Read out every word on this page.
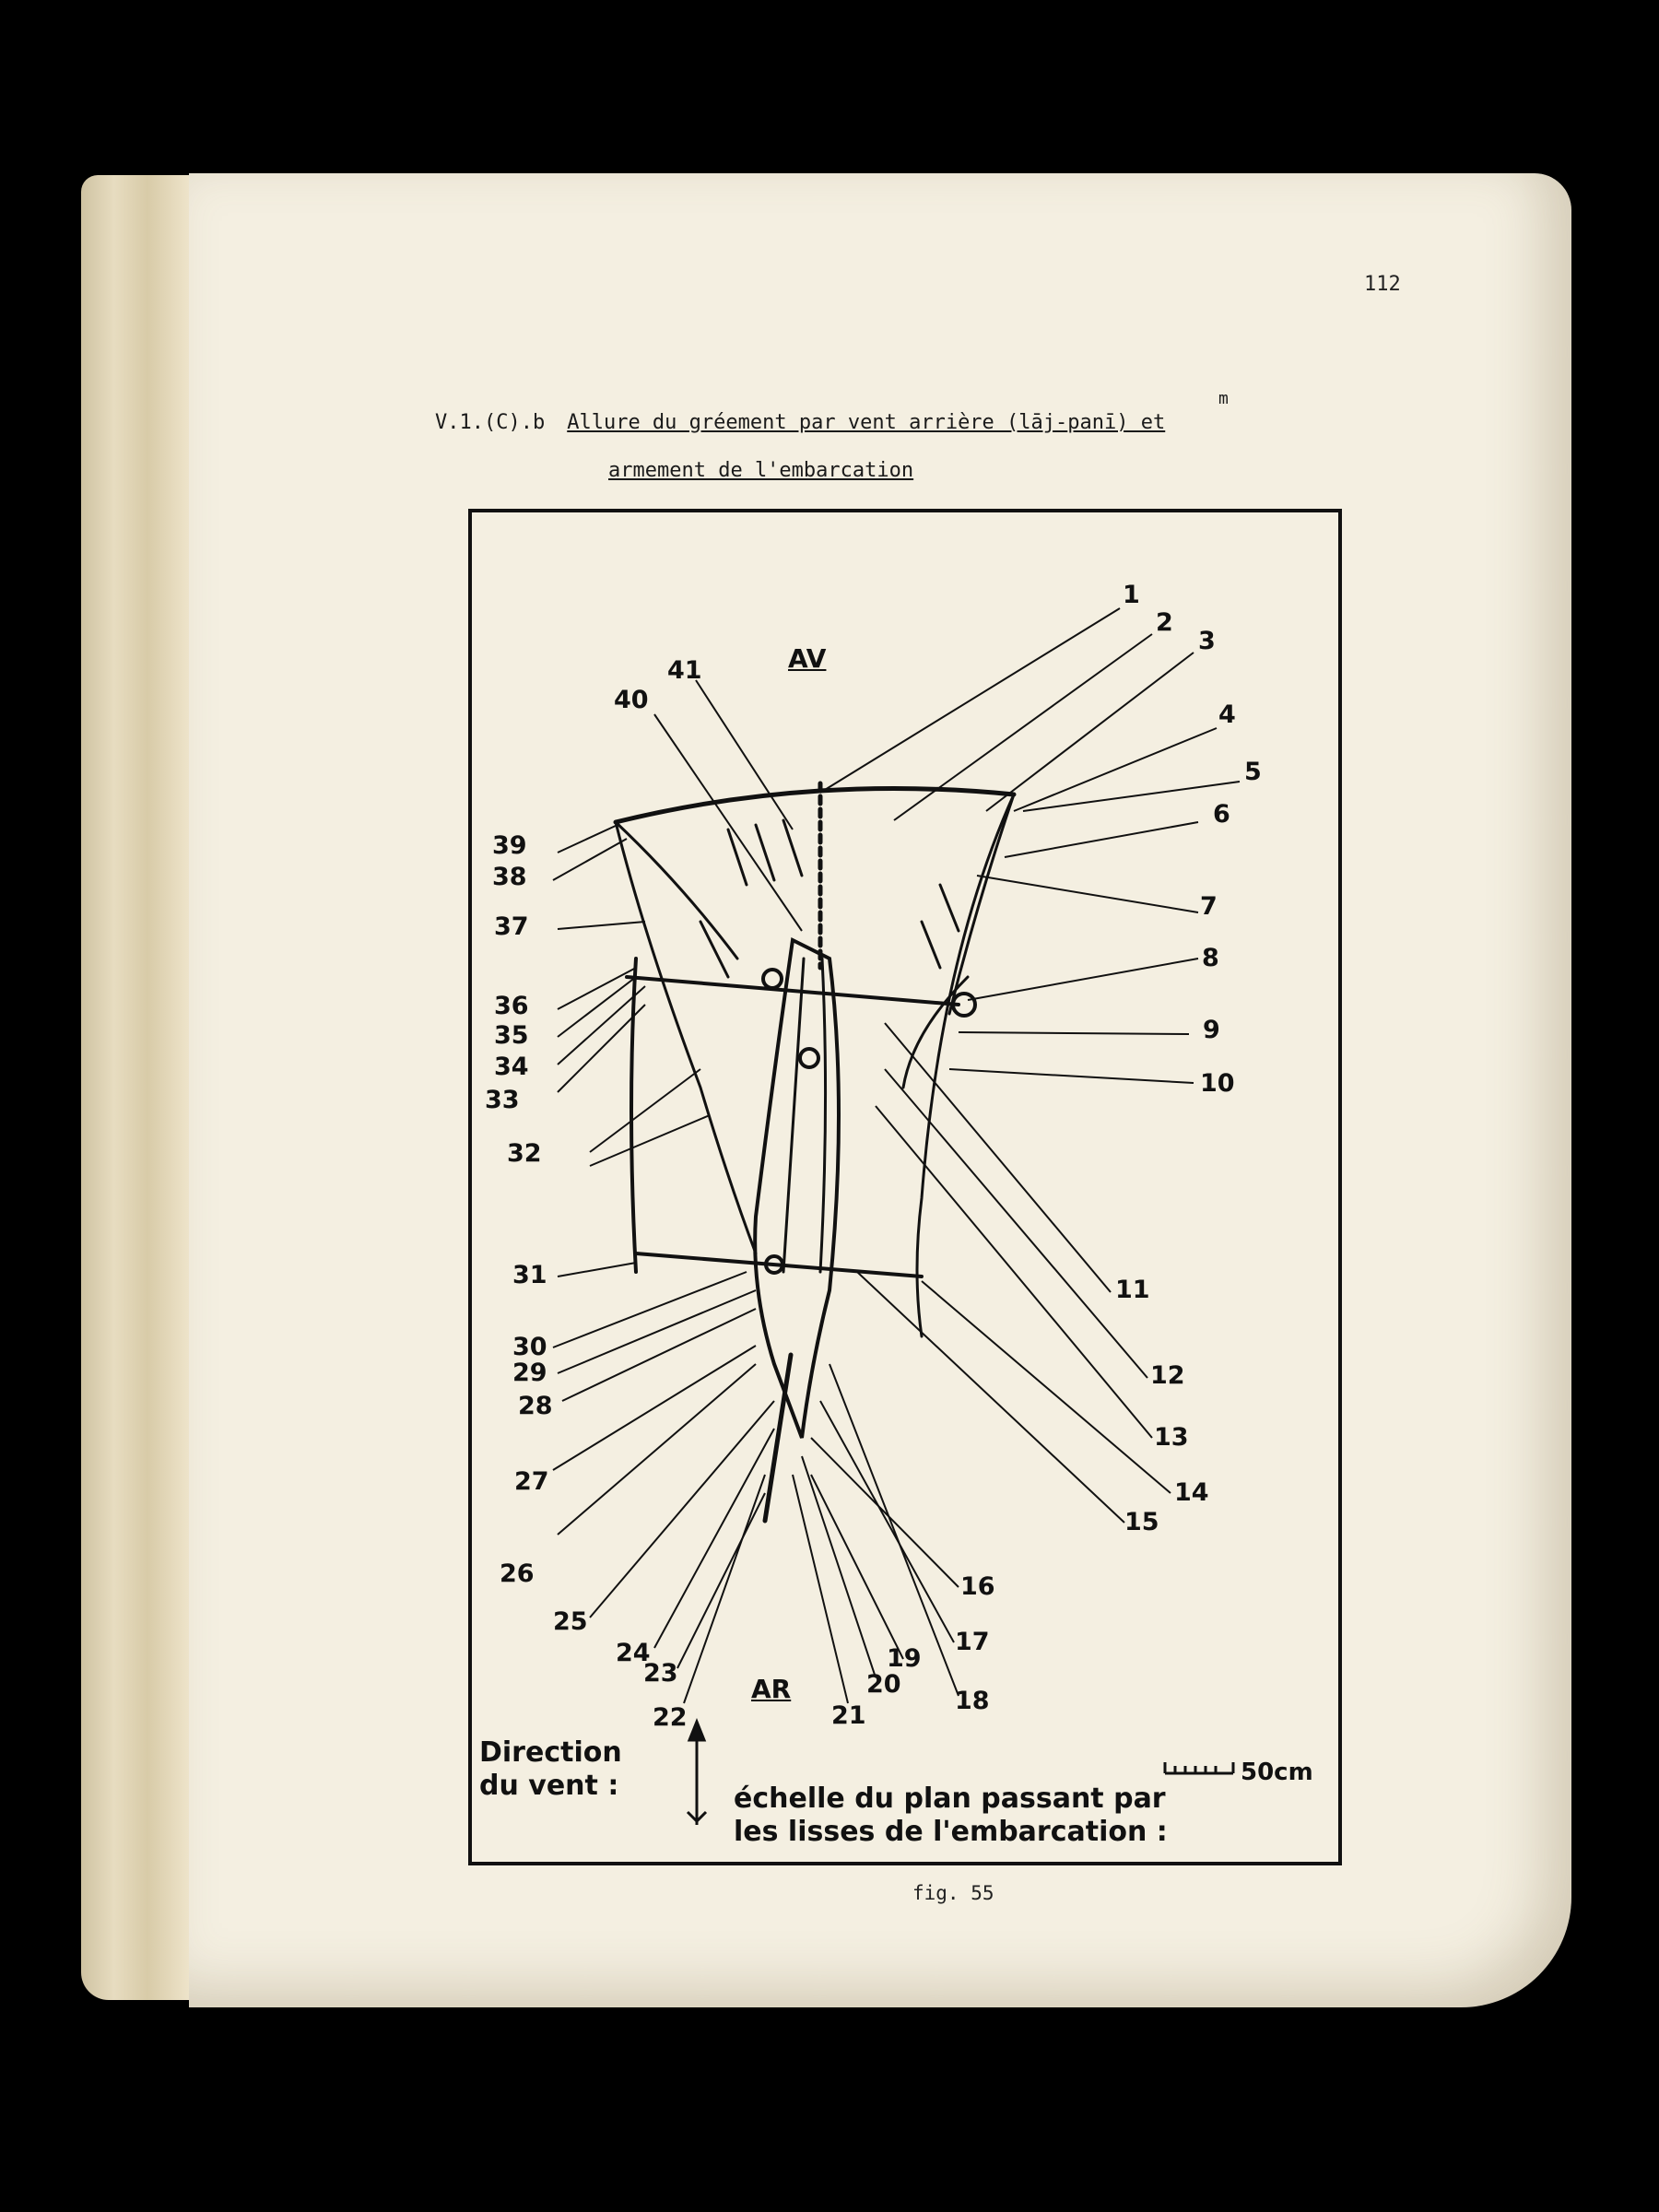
112
V.1.(C).b Allure du gréement par vent arrière (lāj-panī) et
m
armement de l'embarcation
AV
AR
1
2
3
4
5
6
7
8
9
10
11
12
13
14
15
16
17
18
19
20
21
22
23
24
25
26
27
28
29
30
31
32
33
34
35
36
37
38
39
40
41
Direction
du vent :	échelle du plan passant par
les lisses de l'embarcation :
50cm
fig. 55
